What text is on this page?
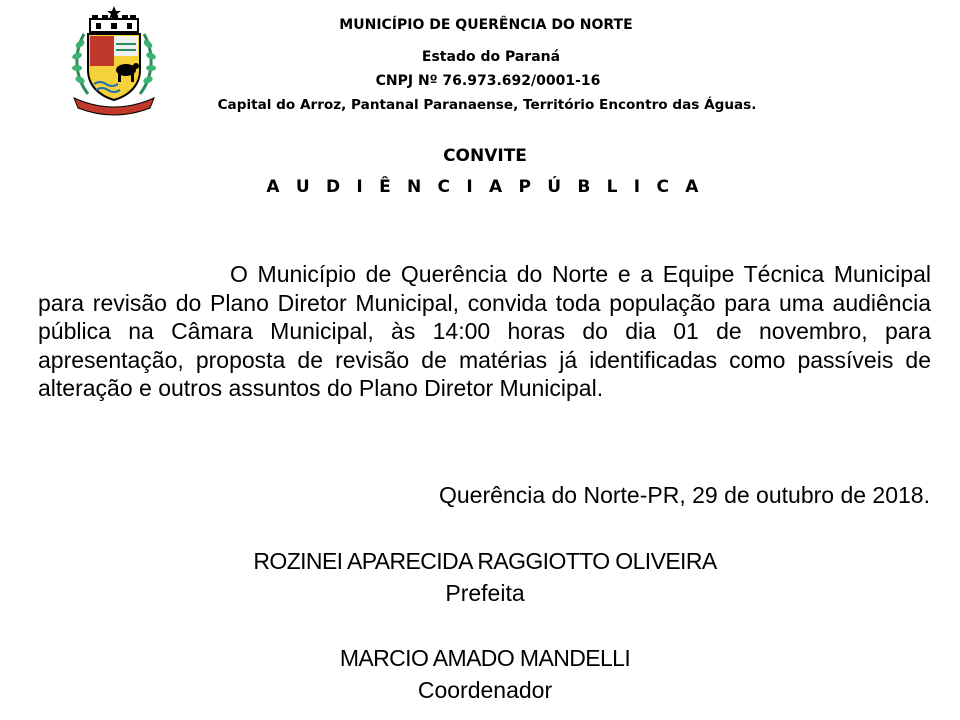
MUNICÍPIO DE QUERÊNCIA DO NORTE
Estado do Paraná
CNPJ Nº 76.973.692/0001-16
Capital do Arroz, Pantanal Paranaense, Território Encontro das Águas.
CONVITE
A U D I Ê N C I A P Ú B L I C A

O Município de Querência do Norte e a Equipe Técnica Municipal para revisão do Plano Diretor Municipal, convida toda população para uma audiência pública na Câmara Municipal, às 14:00 horas do dia 01 de novembro, para apresentação, proposta de revisão de matérias já identificadas como passíveis de alteração e outros assuntos do Plano Diretor Municipal.

Querência do Norte-PR, 29 de outubro de 2018.
ROZINEI APARECIDA RAGGIOTTO OLIVEIRA
Prefeita
MARCIO AMADO MANDELLI
Coordenador
